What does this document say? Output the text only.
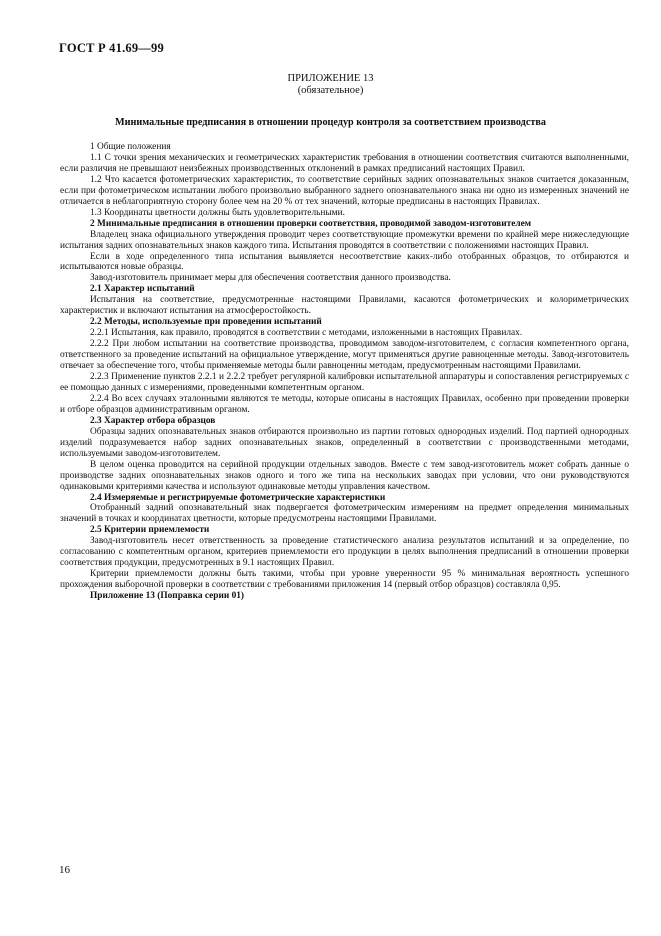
ГОСТ Р 41.69—99
ПРИЛОЖЕНИЕ 13
(обязательное)
Минимальные предписания в отношении процедур контроля за соответствием производства

1 Общие положения

1.1 С точки зрения механических и геометрических характеристик требования в отношении соответствия считаются выполненными, если различия не превышают неизбежных производственных отклонений в рамках предписаний настоящих Правил.

1.2 Что касается фотометрических характеристик, то соответствие серийных задних опознавательных знаков считается доказанным, если при фотометрическом испытании любого произвольно выбранного заднего опознавательного знака ни одно из измеренных значений не отличается в неблагоприятную сторону более чем на 20 % от тех значений, которые предписаны в настоящих Правилах.

1.3 Координаты цветности должны быть удовлетворительными.

2 Минимальные предписания в отношении проверки соответствия, проводимой заводом-изготовителем

Владелец знака официального утверждения проводит через соответствующие промежутки времени по крайней мере нижеследующие испытания задних опознавательных знаков каждого типа. Испытания проводятся в соответствии с положениями настоящих Правил.

Если в ходе определенного типа испытания выявляется несоответствие каких-либо отобранных образцов, то отбираются и испытываются новые образцы.

Завод-изготовитель принимает меры для обеспечения соответствия данного производства.

2.1 Характер испытаний

Испытания на соответствие, предусмотренные настоящими Правилами, касаются фотометрических и колориметрических характеристик и включают испытания на атмосферостойкость.

2.2 Методы, используемые при проведении испытаний

2.2.1 Испытания, как правило, проводятся в соответствии с методами, изложенными в настоящих Правилах.

2.2.2 При любом испытании на соответствие производства, проводимом заводом-изготовителем, с согласия компетентного органа, ответственного за проведение испытаний на официальное утверждение, могут применяться другие равноценные методы. Завод-изготовитель отвечает за обеспечение того, чтобы применяемые методы были равноценны методам, предусмотренным настоящими Правилами.

2.2.3 Применение пунктов 2.2.1 и 2.2.2 требует регулярной калибровки испытательной аппаратуры и сопоставления регистрируемых с ее помощью данных с измерениями, проведенными компетентным органом.

2.2.4 Во всех случаях эталонными являются те методы, которые описаны в настоящих Правилах, особенно при проведении проверки и отборе образцов административным органом.

2.3 Характер отбора образцов

Образцы задних опознавательных знаков отбираются произвольно из партии готовых однородных изделий. Под партией однородных изделий подразумевается набор задних опознавательных знаков, определенный в соответствии с производственными методами, используемыми заводом-изготовителем.

В целом оценка проводится на серийной продукции отдельных заводов. Вместе с тем завод-изготовитель может собрать данные о производстве задних опознавательных знаков одного и того же типа на нескольких заводах при условии, что они руководствуются одинаковыми критериями качества и используют одинаковые методы управления качеством.

2.4 Измеряемые и регистрируемые фотометрические характеристики

Отобранный задний опознавательный знак подвергается фотометрическим измерениям на предмет определения минимальных значений в точках и координатах цветности, которые предусмотрены настоящими Правилами.

2.5 Критерии приемлемости

Завод-изготовитель несет ответственность за проведение статистического анализа результатов испытаний и за определение, по согласованию с компетентным органом, критериев приемлемости его продукции в целях выполнения предписаний в отношении проверки соответствия продукции, предусмотренных в 9.1 настоящих Правил.

Критерии приемлемости должны быть такими, чтобы при уровне уверенности 95 % минимальная вероятность успешного прохождения выборочной проверки в соответствии с требованиями приложения 14 (первый отбор образцов) составляла 0,95.

Приложение 13 (Поправка серии 01)

16
